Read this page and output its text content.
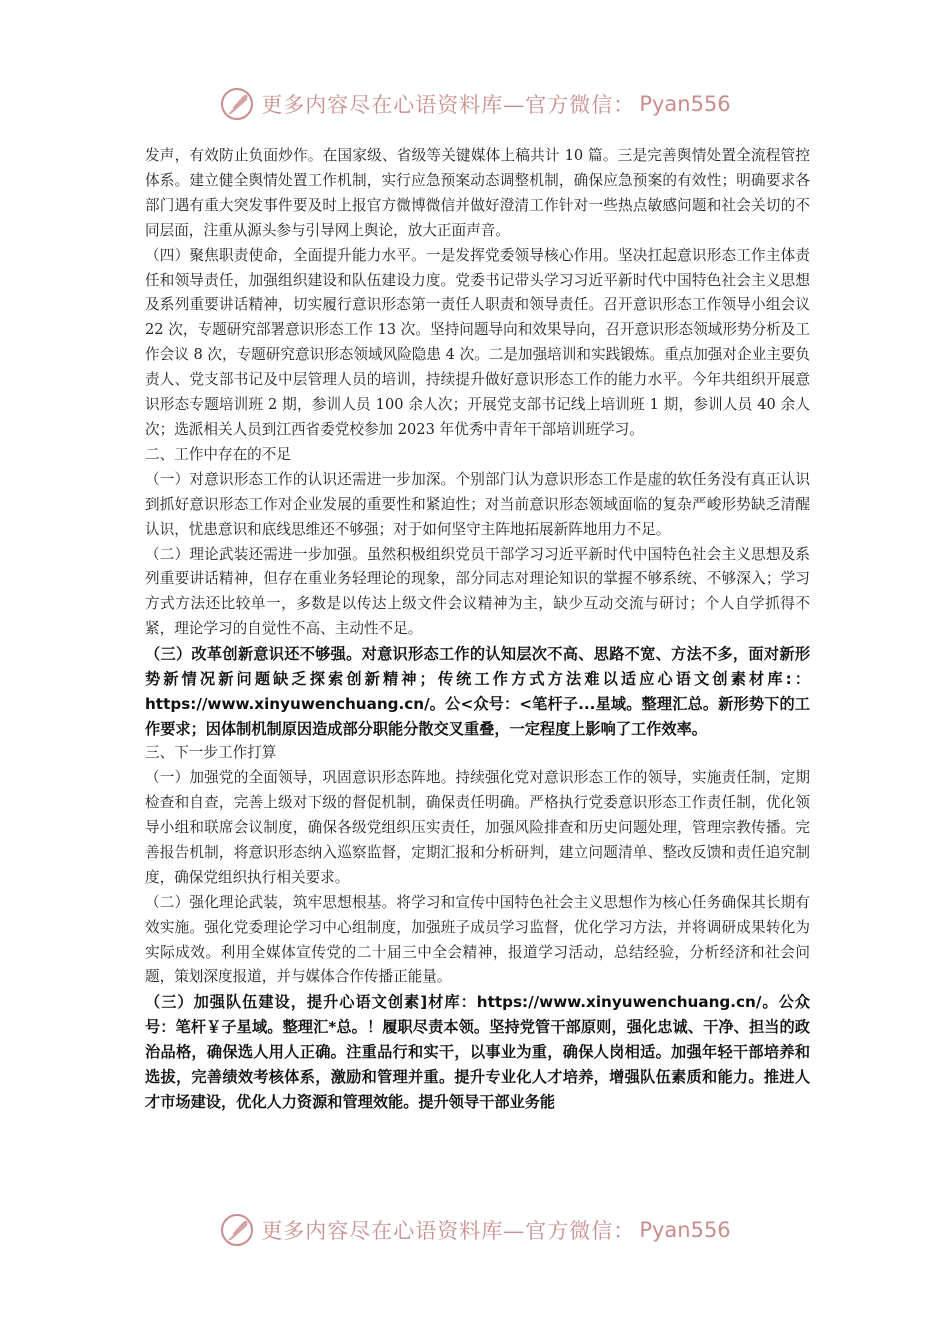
更多内容尽在心语资料库—官方微信： Pyan556

发声，有效防止负面炒作。在国家级、省级等关键媒体上稿共计 10 篇。三是完善舆情处置全流程管控体系。建立健全舆情处置工作机制，实行应急预案动态调整机制，确保应急预案的有效性；明确要求各部门遇有重大突发事件要及时上报官方微博微信并做好澄清工作针对一些热点敏感问题和社会关切的不同层面，注重从源头参与引导网上舆论，放大正面声音。

（四）聚焦职责使命，全面提升能力水平。一是发挥党委领导核心作用。坚决扛起意识形态工作主体责任和领导责任，加强组织建设和队伍建设力度。党委书记带头学习习近平新时代中国特色社会主义思想及系列重要讲话精神，切实履行意识形态第一责任人职责和领导责任。召开意识形态工作领导小组会议 22 次，专题研究部署意识形态工作 13 次。坚持问题导向和效果导向，召开意识形态领域形势分析及工作会议 8 次，专题研究意识形态领域风险隐患 4 次。二是加强培训和实践锻炼。重点加强对企业主要负责人、党支部书记及中层管理人员的培训，持续提升做好意识形态工作的能力水平。今年共组织开展意识形态专题培训班 2 期，参训人员 100 余人次；开展党支部书记线上培训班 1 期，参训人员 40 余人次；选派相关人员到江西省委党校参加 2023 年优秀中青年干部培训班学习。

二、工作中存在的不足

（一）对意识形态工作的认识还需进一步加深。个别部门认为意识形态工作是虚的软任务没有真正认识到抓好意识形态工作对企业发展的重要性和紧迫性；对当前意识形态领域面临的复杂严峻形势缺乏清醒认识，忧患意识和底线思维还不够强；对于如何坚守主阵地拓展新阵地用力不足。

（二）理论武装还需进一步加强。虽然积极组织党员干部学习习近平新时代中国特色社会主义思想及系列重要讲话精神，但存在重业务轻理论的现象，部分同志对理论知识的掌握不够系统、不够深入；学习方式方法还比较单一，多数是以传达上级文件会议精神为主，缺少互动交流与研讨；个人自学抓得不紧，理论学习的自觉性不高、主动性不足。

（三）改革创新意识还不够强。对意识形态工作的认知层次不高、思路不宽、方法不多，面对新形势新情况新问题缺乏探索创新精神；传统工作方式方法难以适应心语文创素材库:：https://www.xinyuwenchuang.cn/。公<众号：<笔杆子...星域。整理汇总。新形势下的工作要求；因体制机制原因造成部分职能分散交叉重叠，一定程度上影响了工作效率。

三、下一步工作打算

（一）加强党的全面领导，巩固意识形态阵地。持续强化党对意识形态工作的领导，实施责任制，定期检查和自查，完善上级对下级的督促机制，确保责任明确。严格执行党委意识形态工作责任制，优化领导小组和联席会议制度，确保各级党组织压实责任，加强风险排查和历史问题处理，管理宗教传播。完善报告机制，将意识形态纳入巡察监督，定期汇报和分析研判，建立问题清单、整改反馈和责任追究制度，确保党组织执行相关要求。

（二）强化理论武装，筑牢思想根基。将学习和宣传中国特色社会主义思想作为核心任务确保其长期有效实施。强化党委理论学习中心组制度，加强班子成员学习监督，优化学习方法，并将调研成果转化为实际成效。利用全媒体宣传党的二十届三中全会精神，报道学习活动，总结经验，分析经济和社会问题，策划深度报道，并与媒体合作传播正能量。

（三）加强队伍建设，提升心语文创素]材库：https://www.xinyuwenchuang.cn/。公众号：笔杆￥子星域。整理汇*总。！履职尽责本领。坚持党管干部原则，强化忠诚、干净、担当的政治品格，确保选人用人正确。注重品行和实干，以事业为重，确保人岗相适。加强年轻干部培养和选拔，完善绩效考核体系，激励和管理并重。提升专业化人才培养，增强队伍素质和能力。推进人才市场建设，优化人力资源和管理效能。提升领导干部业务能

更多内容尽在心语资料库—官方微信： Pyan556
